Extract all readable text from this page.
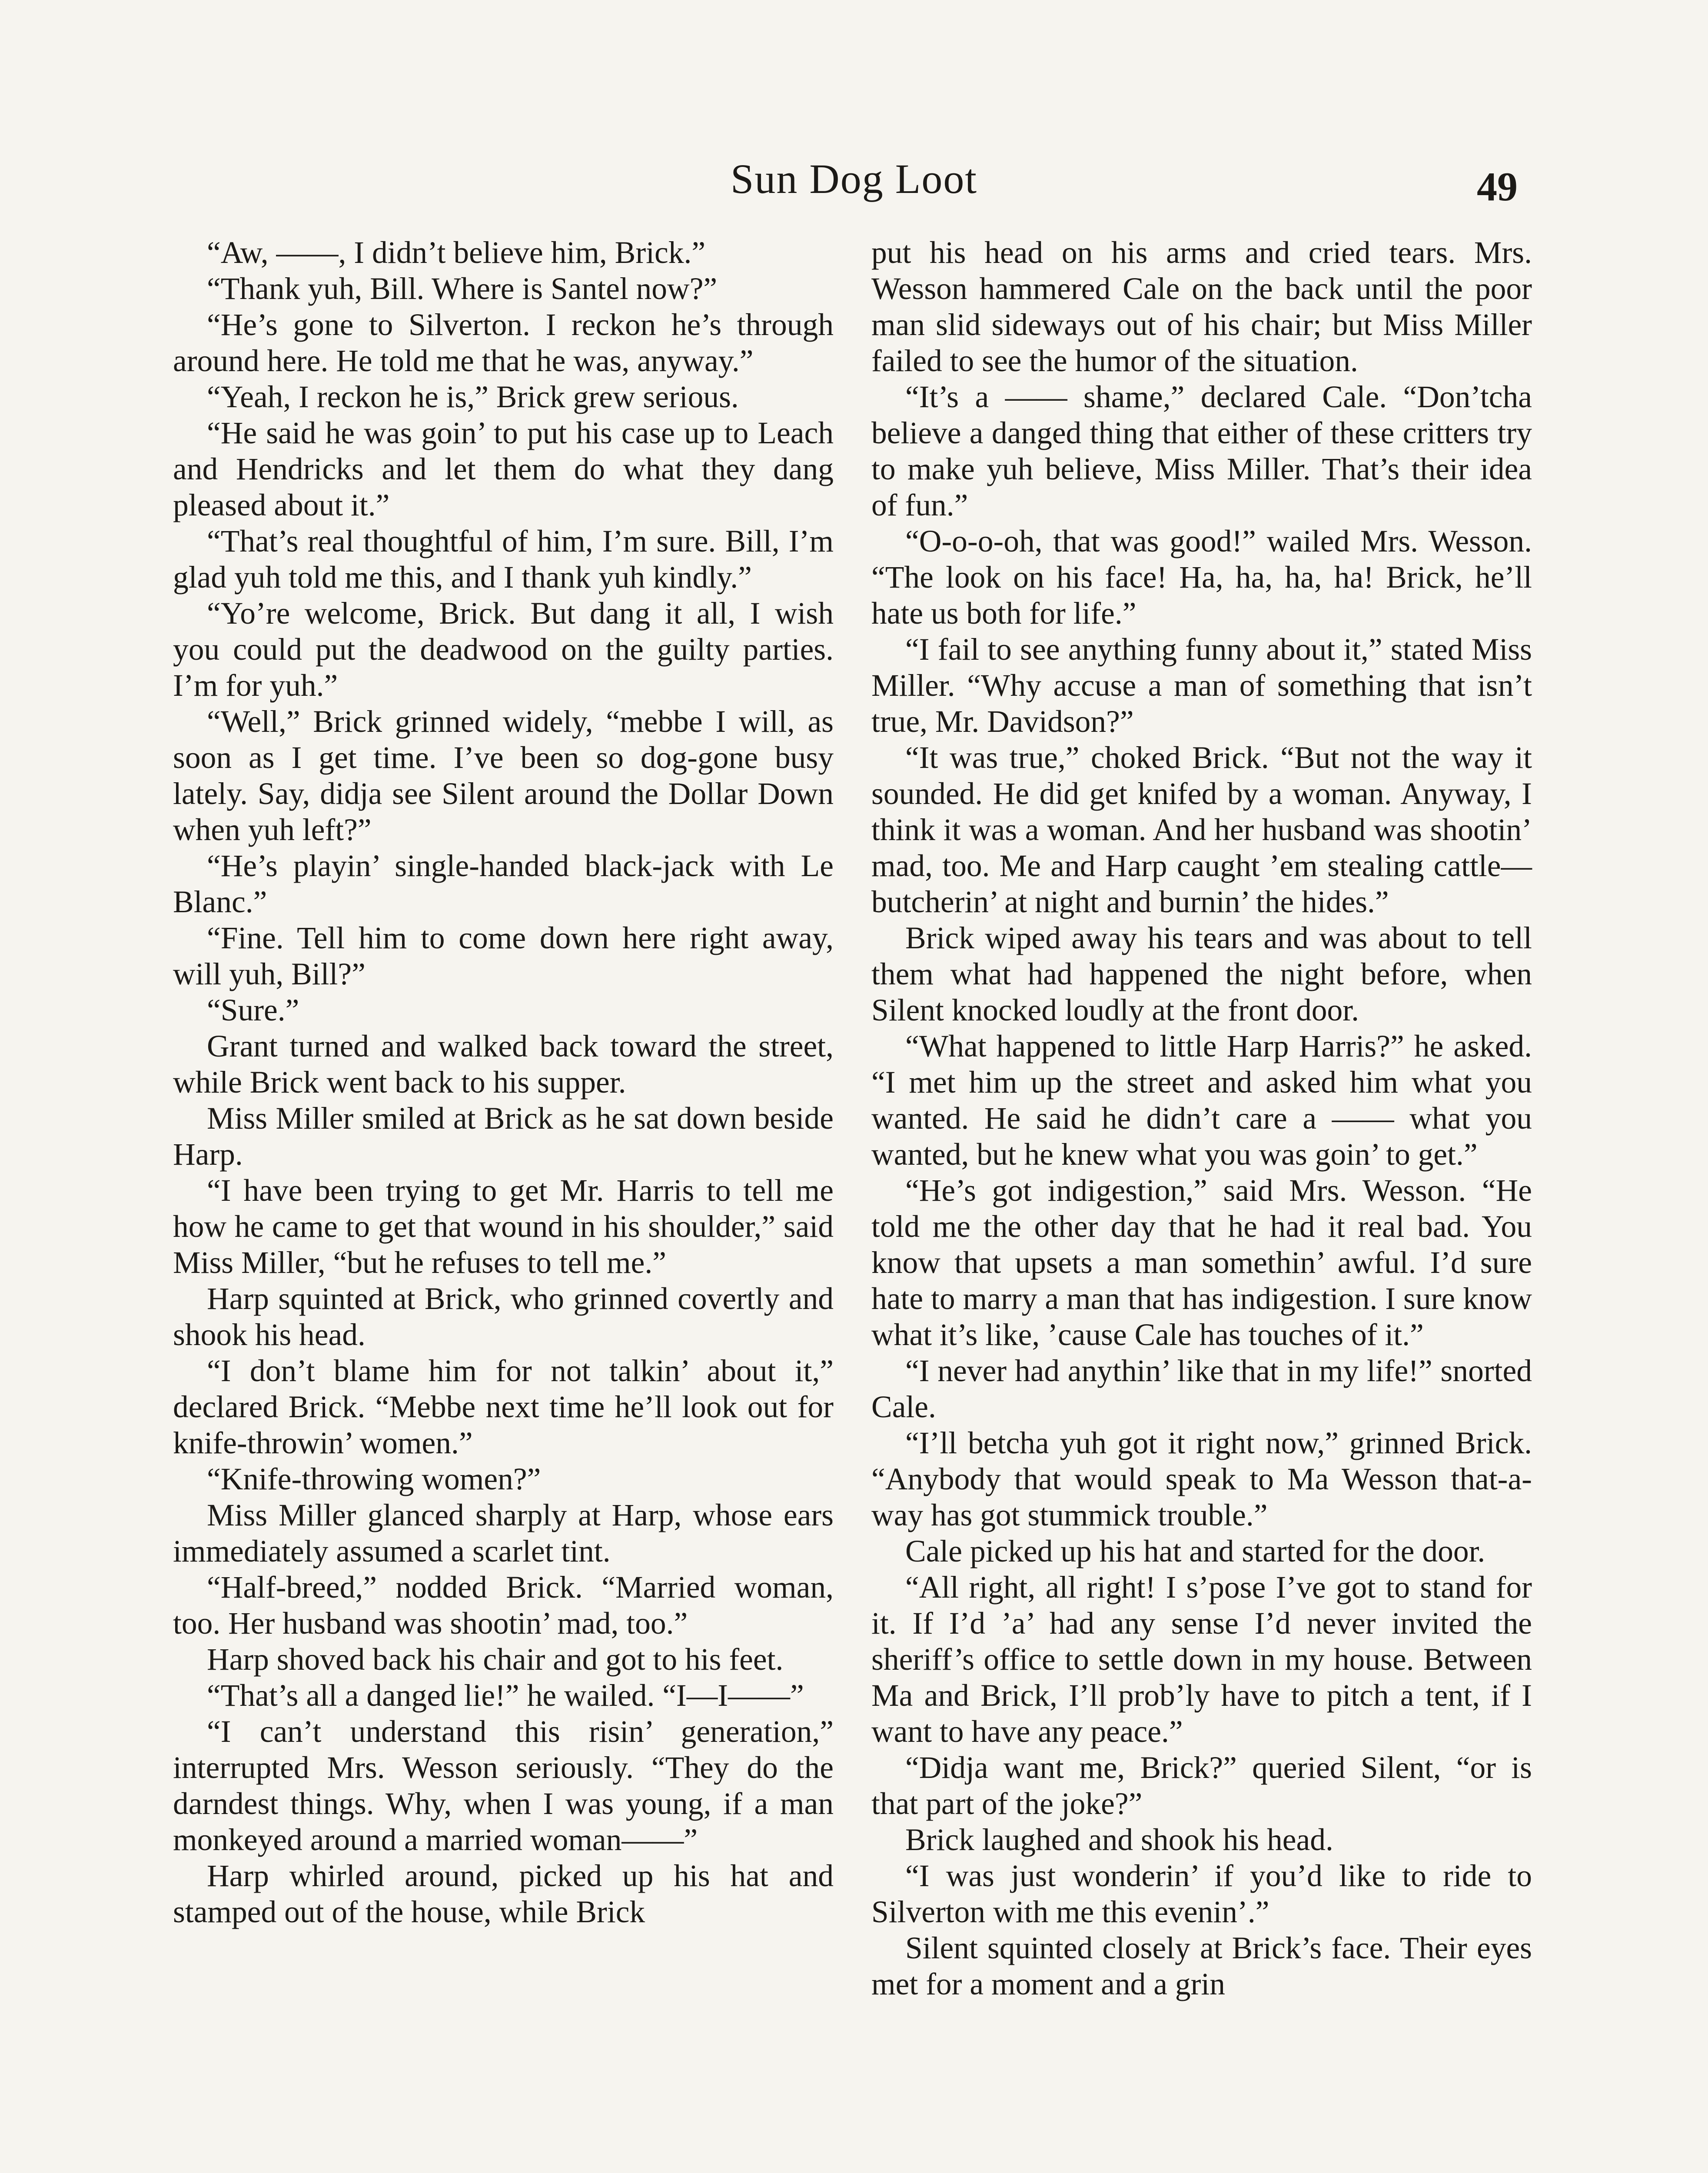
Sun Dog Loot	49

“Aw, ——, I didn’t believe him, Brick.”

“Thank yuh, Bill. Where is Santel now?”

“He’s gone to Silverton. I reckon he’s through around here. He told me that he was, anyway.”

“Yeah, I reckon he is,” Brick grew serious.

“He said he was goin’ to put his case up to Leach and Hendricks and let them do what they dang pleased about it.”

“That’s real thoughtful of him, I’m sure. Bill, I’m glad yuh told me this, and I thank yuh kindly.”

“Yo’re welcome, Brick. But dang it all, I wish you could put the deadwood on the guilty parties. I’m for yuh.”

“Well,” Brick grinned widely, “mebbe I will, as soon as I get time. I’ve been so dog-gone busy lately. Say, didja see Silent around the Dollar Down when yuh left?”

“He’s playin’ single-handed black-jack with Le Blanc.”

“Fine. Tell him to come down here right away, will yuh, Bill?”

“Sure.”

Grant turned and walked back toward the street, while Brick went back to his supper.

Miss Miller smiled at Brick as he sat down beside Harp.

“I have been trying to get Mr. Harris to tell me how he came to get that wound in his shoulder,” said Miss Miller, “but he refuses to tell me.”

Harp squinted at Brick, who grinned covertly and shook his head.

“I don’t blame him for not talkin’ about it,” declared Brick. “Mebbe next time he’ll look out for knife-throwin’ women.”

“Knife-throwing women?”

Miss Miller glanced sharply at Harp, whose ears immediately assumed a scarlet tint.

“Half-breed,” nodded Brick. “Married woman, too. Her husband was shootin’ mad, too.”

Harp shoved back his chair and got to his feet.

“That’s all a danged lie!” he wailed. “I—I——”

“I can’t understand this risin’ generation,” interrupted Mrs. Wesson seriously. “They do the darndest things. Why, when I was young, if a man monkeyed around a married woman——”

Harp whirled around, picked up his hat and stamped out of the house, while Brick

put his head on his arms and cried tears. Mrs. Wesson hammered Cale on the back until the poor man slid sideways out of his chair; but Miss Miller failed to see the humor of the situation.

“It’s a —— shame,” declared Cale. “Don’tcha believe a danged thing that either of these critters try to make yuh believe, Miss Miller. That’s their idea of fun.”

“O-o-o-oh, that was good!” wailed Mrs. Wesson. “The look on his face! Ha, ha, ha, ha! Brick, he’ll hate us both for life.”

“I fail to see anything funny about it,” stated Miss Miller. “Why accuse a man of something that isn’t true, Mr. Davidson?”

“It was true,” choked Brick. “But not the way it sounded. He did get knifed by a woman. Anyway, I think it was a woman. And her husband was shootin’ mad, too. Me and Harp caught ’em stealing cattle—butcherin’ at night and burnin’ the hides.”

Brick wiped away his tears and was about to tell them what had happened the night before, when Silent knocked loudly at the front door.

“What happened to little Harp Harris?” he asked. “I met him up the street and asked him what you wanted. He said he didn’t care a —— what you wanted, but he knew what you was goin’ to get.”

“He’s got indigestion,” said Mrs. Wesson. “He told me the other day that he had it real bad. You know that upsets a man somethin’ awful. I’d sure hate to marry a man that has indigestion. I sure know what it’s like, ’cause Cale has touches of it.”

“I never had anythin’ like that in my life!” snorted Cale.

“I’ll betcha yuh got it right now,” grinned Brick. “Anybody that would speak to Ma Wesson that-a-way has got stummick trouble.”

Cale picked up his hat and started for the door.

“All right, all right! I s’pose I’ve got to stand for it. If I’d ’a’ had any sense I’d never invited the sheriff’s office to settle down in my house. Between Ma and Brick, I’ll prob’ly have to pitch a tent, if I want to have any peace.”

“Didja want me, Brick?” queried Silent, “or is that part of the joke?”

Brick laughed and shook his head.

“I was just wonderin’ if you’d like to ride to Silverton with me this evenin’.”

Silent squinted closely at Brick’s face. Their eyes met for a moment and a grin
